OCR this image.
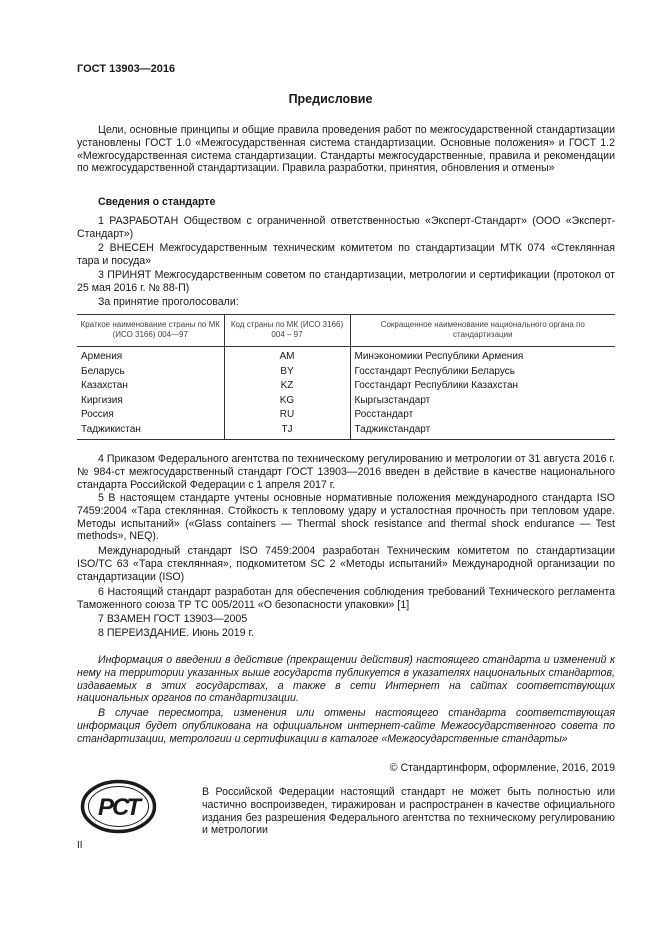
ГОСТ 13903—2016
Предисловие

Цели, основные принципы и общие правила проведения работ по межгосударственной стандартизации установлены ГОСТ 1.0 «Межгосударственная система стандартизации. Основные положения» и ГОСТ 1.2 «Межгосударственная система стандартизации. Стандарты межгосударственные, правила и рекомендации по межгосударственной стандартизации. Правила разработки, принятия, обновления и отмены»

Сведения о стандарте

1 РАЗРАБОТАН Обществом с ограниченной ответственностью «Эксперт-Стандарт» (ООО «Эксперт-Стандарт»)

2 ВНЕСЕН Межгосударственным техническим комитетом по стандартизации МТК 074 «Стеклянная тара и посуда»

3 ПРИНЯТ Межгосударственным советом по стандартизации, метрологии и сертификации (протокол от 25 мая 2016 г. № 88-П)

За принятие проголосовали:

Краткое наименование страны по МК (ИСО 3166) 004—97	Код страны по МК (ИСО 3166) 004 – 97	Сокращенное наименование национального органа по стандартизации
Армения	AM	Минэкономики Республики Армения
Беларусь	BY	Госстандарт Республики Беларусь
Казахстан	KZ	Госстандарт Республики Казахстан
Киргизия	KG	Кыргызстандарт
Россия	RU	Росстандарт
Таджикистан	TJ	Таджикстандарт

4 Приказом Федерального агентства по техническому регулированию и метрологии от 31 августа 2016 г. № 984-ст межгосударственный стандарт ГОСТ 13903—2016 введен в действие в качестве национального стандарта Российской Федерации с 1 апреля 2017 г.

5 В настоящем стандарте учтены основные нормативные положения международного стандарта ISO 7459:2004 «Тара стеклянная. Стойкость к тепловому удару и усталостная прочность при тепловом ударе. Методы испытаний» («Glass containers — Thermal shock resistance and thermal shock endurance — Test methods», NEQ).

Международный стандарт ISO 7459:2004 разработан Техническим комитетом по стандартизации ISO/TC 63 «Тара стеклянная», подкомитетом SC 2 «Методы испытаний» Международной организации по стандартизации (ISO)

6 Настоящий стандарт разработан для обеспечения соблюдения требований Технического регламента Таможенного союза ТР ТС 005/2011 «О безопасности упаковки» [1]

7 ВЗАМЕН ГОСТ 13903—2005

8 ПЕРЕИЗДАНИЕ. Июнь 2019 г.

Информация о введении в действие (прекращении действия) настоящего стандарта и изменений к нему на территории указанных выше государств публикуется в указателях национальных стандартов, издаваемых в этих государствах, а также в сети Интернет на сайтах соответствующих национальных органов по стандартизации.

В случае пересмотра, изменения или отмены настоящего стандарта соответствующая информация будет опубликована на официальном интернет-сайте Межгосударственного совета по стандартизации, метрологии и сертификации в каталоге «Межгосударственные стандарты»

© Стандартинформ, оформление, 2016, 2019
РСТ

В Российской Федерации настоящий стандарт не может быть полностью или частично воспроизведен, тиражирован и распространен в качестве официального издания без разрешения Федерального агентства по техническому регулированию и метрологии

II
